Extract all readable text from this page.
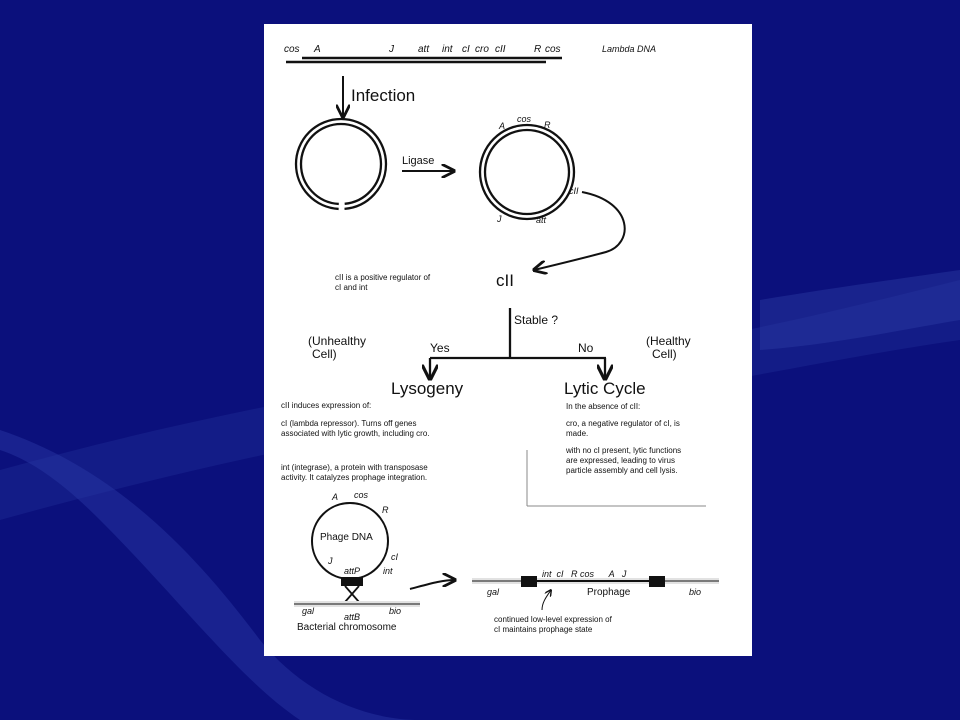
cos A	J att int cI cro cII	R cos	Lambda DNA
Infection
Ligase
A
cos
R
cII
J	att
cII
cII is a positive regulator of
cI and int
Stable ?
Yes	No
(Unhealthy
Cell)
(Healthy
Cell)
Lysogeny
cII induces expression of:
cI (lambda repressor). Turns off genes
associated with lytic growth, including cro.
int (integrase), a protein with transposase
activity. It catalyzes prophage integration.
Lytic Cycle
In the absence of cII:
cro, a negative regulator of cI, is
made.
with no cI present, lytic functions
are expressed, leading to virus
particle assembly and cell lysis.
Phage DNA
A cos
R
cI
int
J
attP
attB
gal	bio
Bacterial chromosome
int  cI   R cos      A   J
Prophage
gal	bio
continued low-level expression of
cI maintains prophage state
